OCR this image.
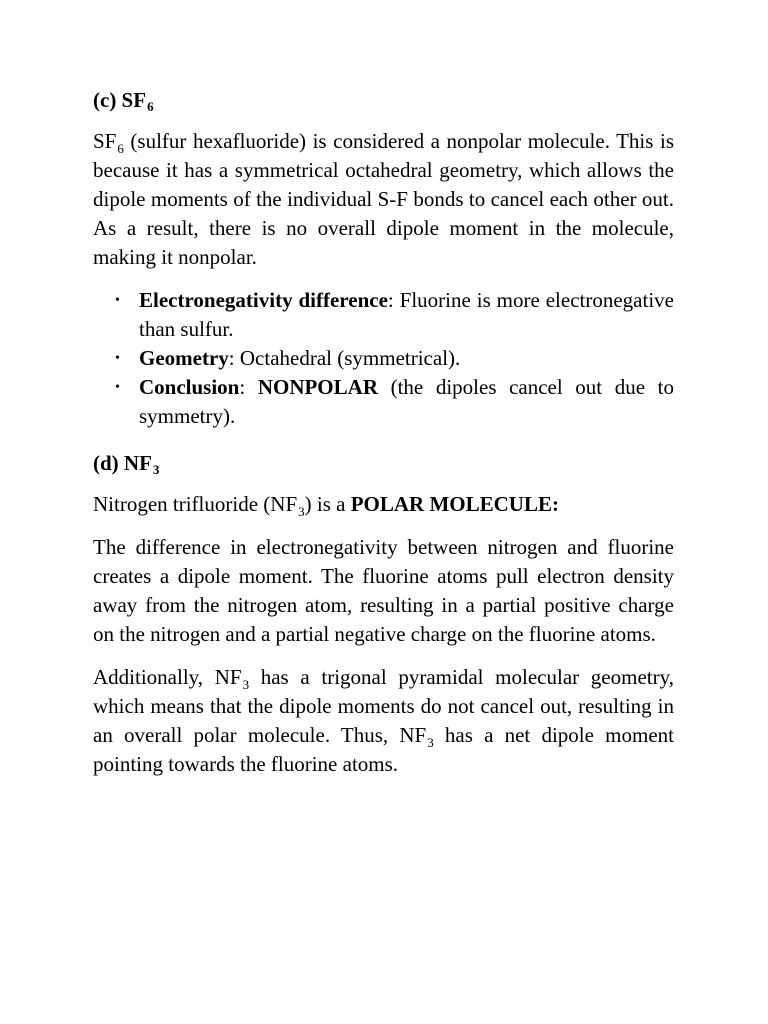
(c) $SF_6$

$SF_6$ (sulfur hexafluoride) is considered a nonpolar molecule. This is because it has a symmetrical octahedral geometry, which allows the dipole moments of the individual S-F bonds to cancel each other out. As a result, there is no overall dipole moment in the molecule, making it nonpolar.

• Electronegativity difference: Fluorine is more electronegative than sulfur.
• Geometry: Octahedral (symmetrical).
• Conclusion: NONPOLAR (the dipoles cancel out due to symmetry).
(d) $NF_3$

Nitrogen trifluoride $(NF_3)$ is a POLAR MOLECULE:

The difference in electronegativity between nitrogen and fluorine creates a dipole moment. The fluorine atoms pull electron density away from the nitrogen atom, resulting in a partial positive charge on the nitrogen and a partial negative charge on the fluorine atoms.

Additionally, $NF_3$ has a trigonal pyramidal molecular geometry, which means that the dipole moments do not cancel out, resulting in an overall polar molecule. Thus, $NF_3$ has a net dipole moment pointing towards the fluorine atoms.
